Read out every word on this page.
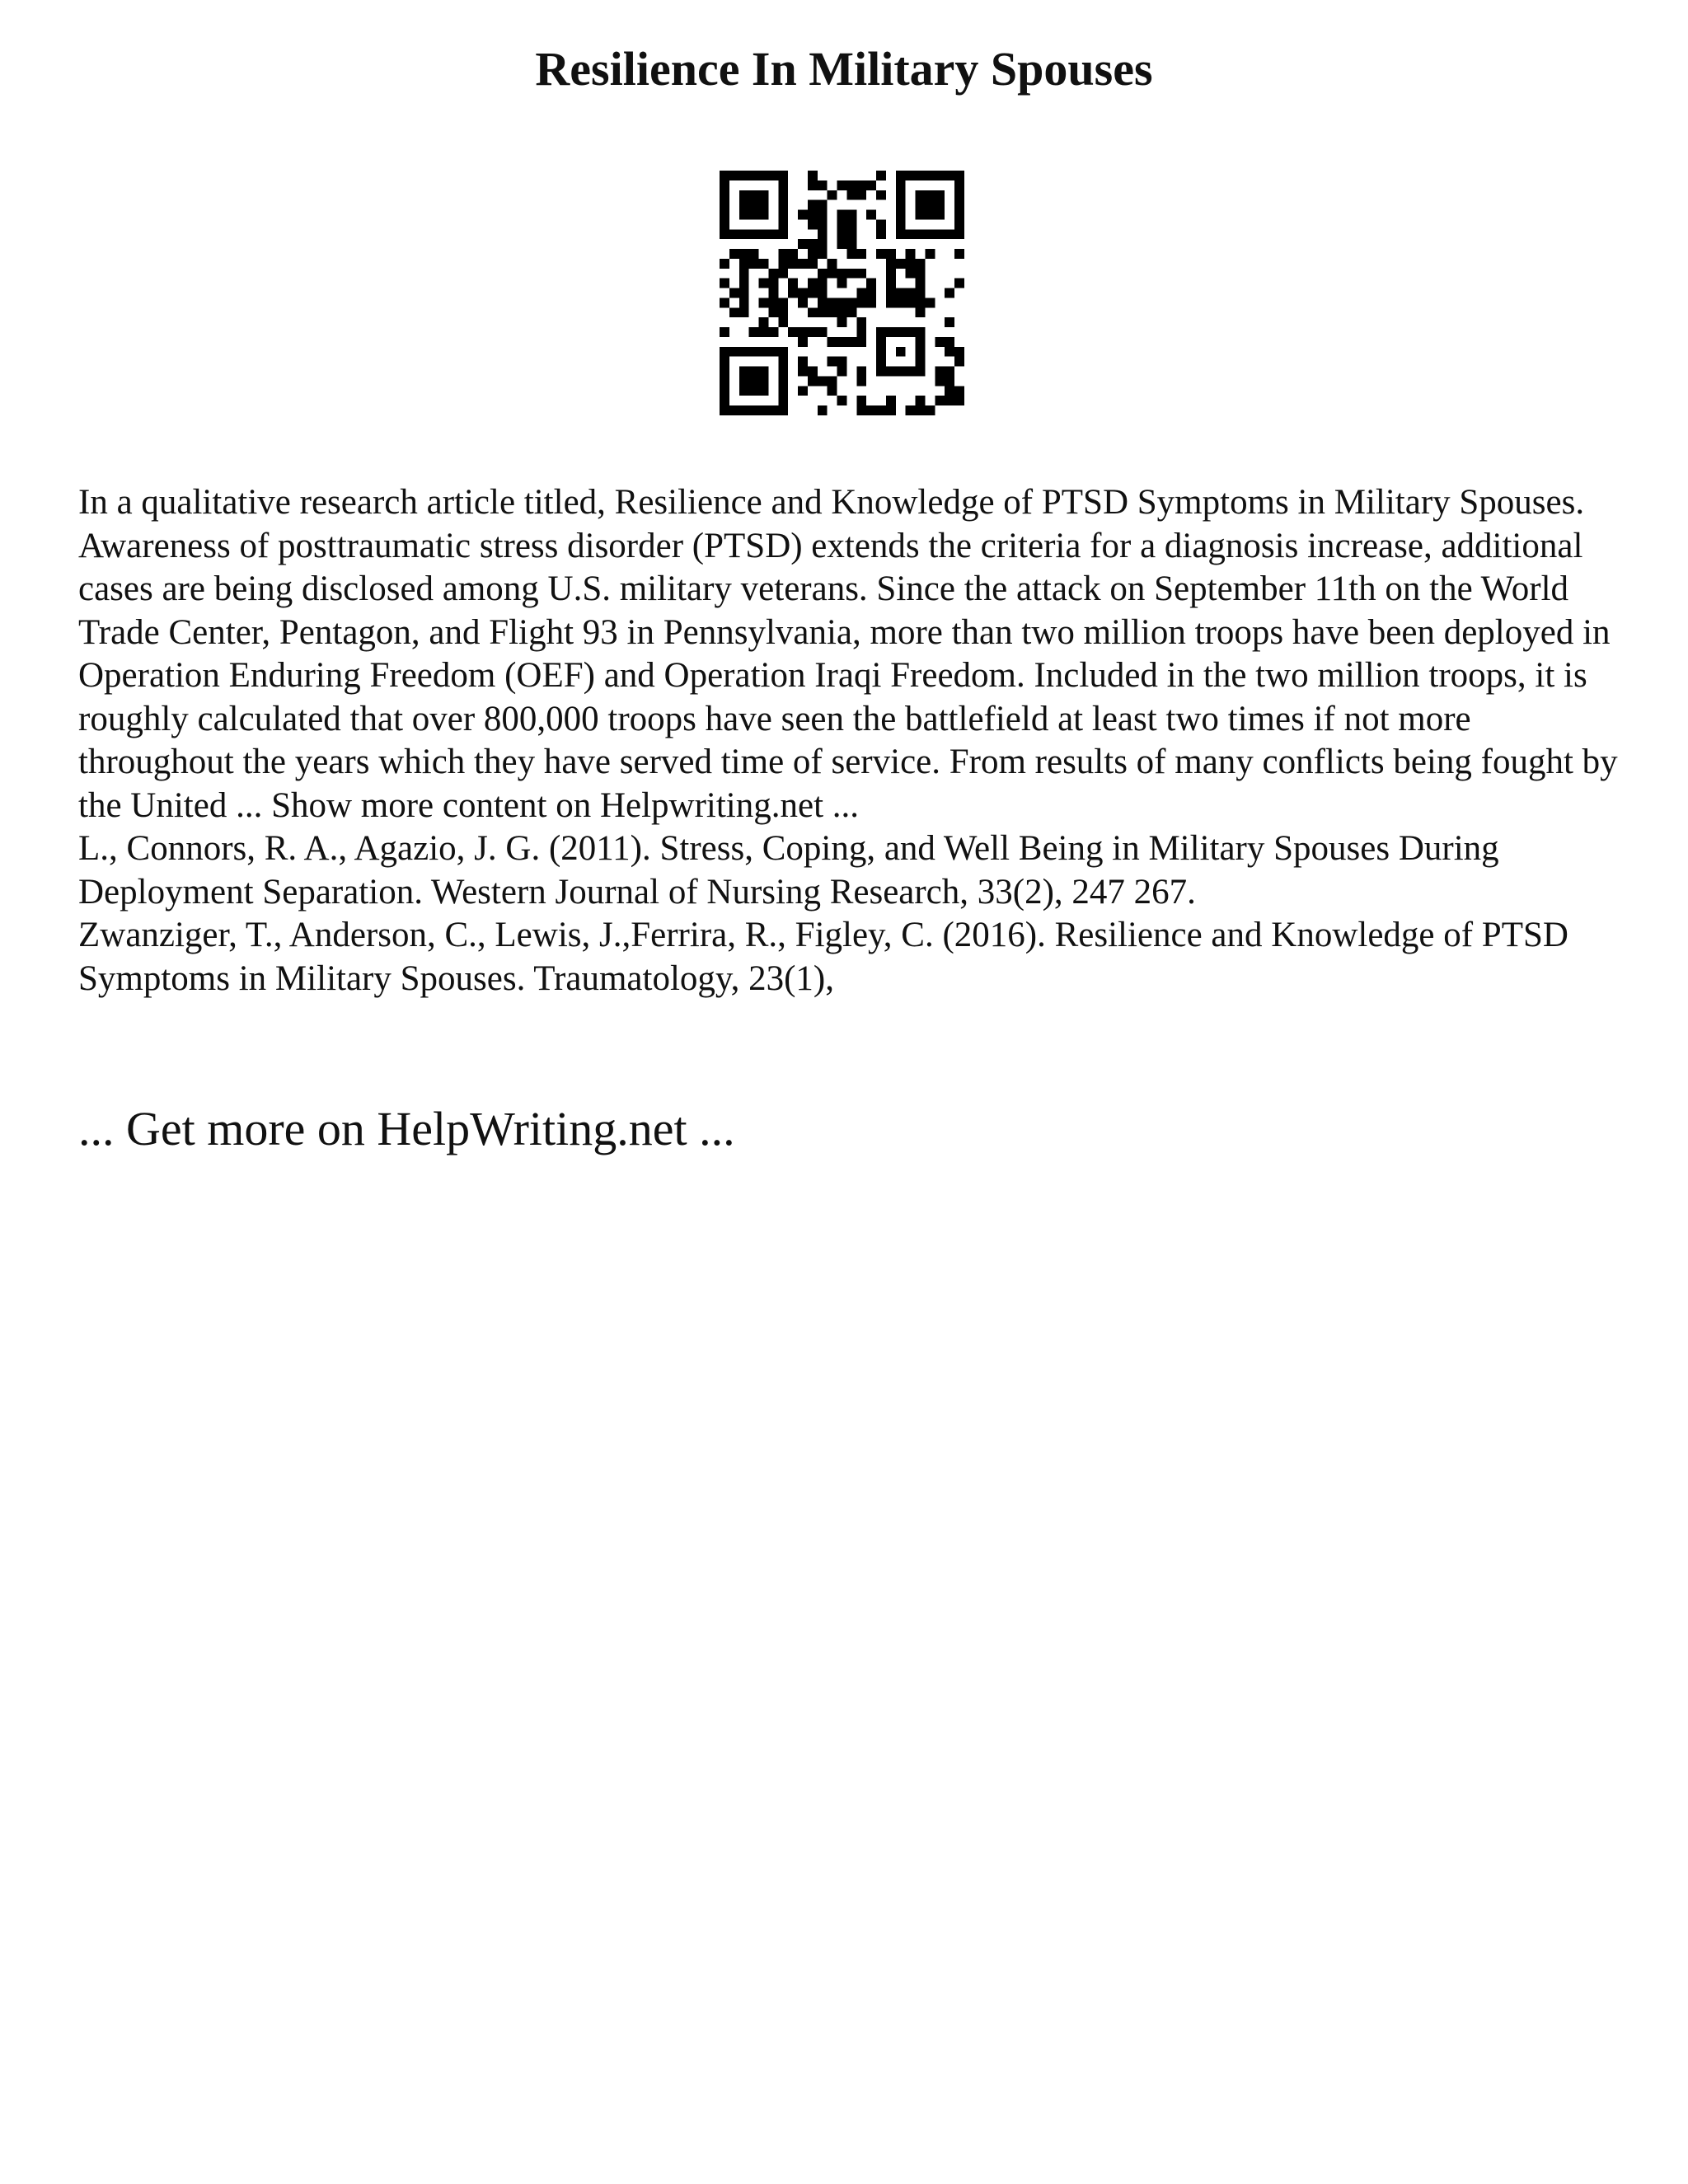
Resilience In Military Spouses

In a qualitative research article titled, Resilience and Knowledge of PTSD Symptoms in Military Spouses. Awareness of posttraumatic stress disorder (PTSD) extends the criteria for a diagnosis increase, additional cases are being disclosed among U.S. military veterans. Since the attack on September 11th on the World Trade Center, Pentagon, and Flight 93 in Pennsylvania, more than two million troops have been deployed in Operation Enduring Freedom (OEF) and Operation Iraqi Freedom. Included in the two million troops, it is roughly calculated that over 800,000 troops have seen the battlefield at least two times if not more throughout the years which they have served time of service. From results of many conflicts being fought by the United ... Show more content on Helpwriting.net ...

L., Connors, R. A., Agazio, J. G. (2011). Stress, Coping, and Well Being in Military Spouses During Deployment Separation. Western Journal of Nursing Research, 33(2), 247 267.

Zwanziger, T., Anderson, C., Lewis, J.,Ferrira, R., Figley, C. (2016). Resilience and Knowledge of PTSD Symptoms in Military Spouses. Traumatology, 23(1),

... Get more on HelpWriting.net ...
